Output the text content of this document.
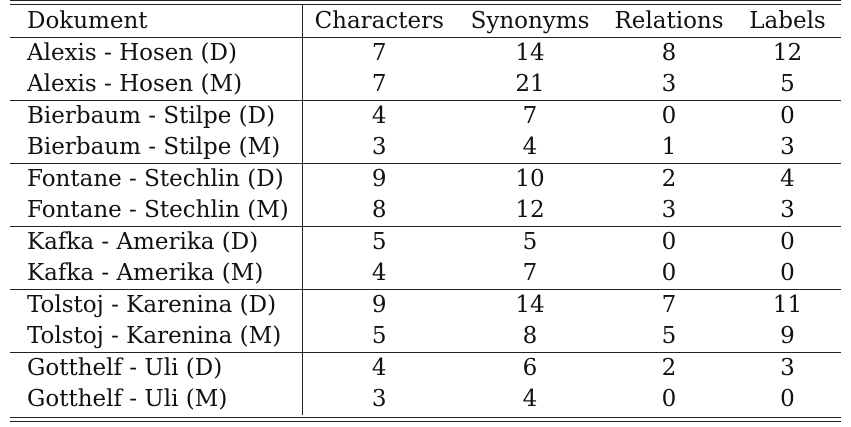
Dokument	Characters	Synonyms	Relations	Labels
Alexis - Hosen (D)	7	14	8	12
Alexis - Hosen (M)	7	21	3	5
Bierbaum - Stilpe (D)	4	7	0	0
Bierbaum - Stilpe (M)	3	4	1	3
Fontane - Stechlin (D)	9	10	2	4
Fontane - Stechlin (M)	8	12	3	3
Kafka - Amerika (D)	5	5	0	0
Kafka - Amerika (M)	4	7	0	0
Tolstoj - Karenina (D)	9	14	7	11
Tolstoj - Karenina (M)	5	8	5	9
Gotthelf - Uli (D)	4	6	2	3
Gotthelf - Uli (M)	3	4	0	0
